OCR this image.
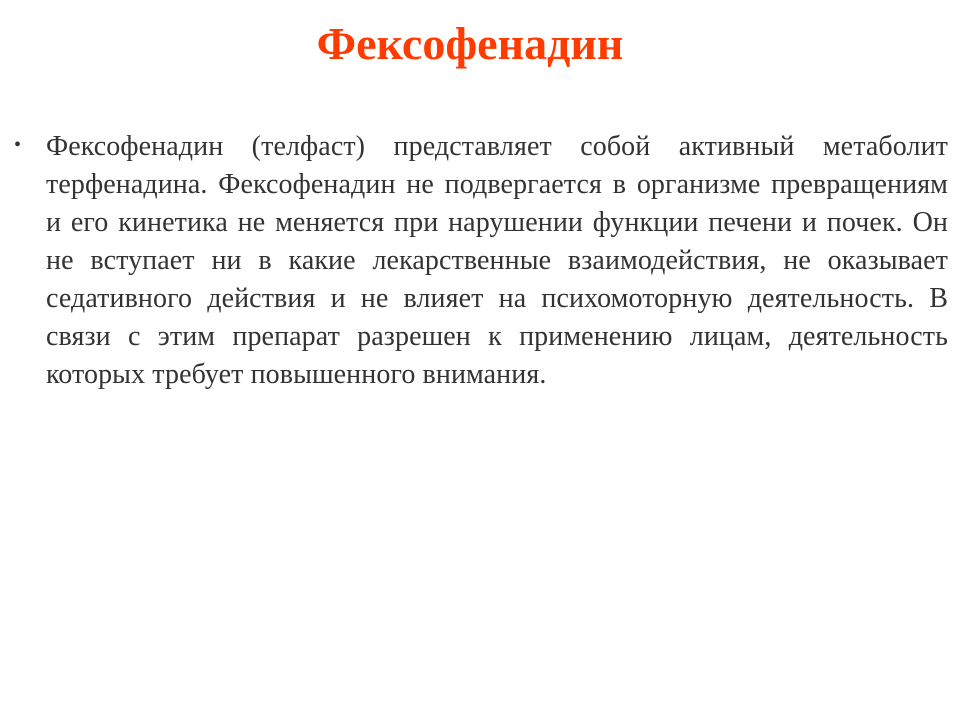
Фексофенадин
• Фексофенадин (телфаст) представляет собой активный метаболит терфенадина. Фексофенадин не подвергается в организме превращениям и его кинетика не меняется при нарушении функции печени и почек. Он не вступает ни в какие лекарственные взаимодействия, не оказывает седативного действия и не влияет на психомоторную деятельность. В связи с этим препарат разрешен к применению лицам, деятельность которых требует повышенного внимания.
